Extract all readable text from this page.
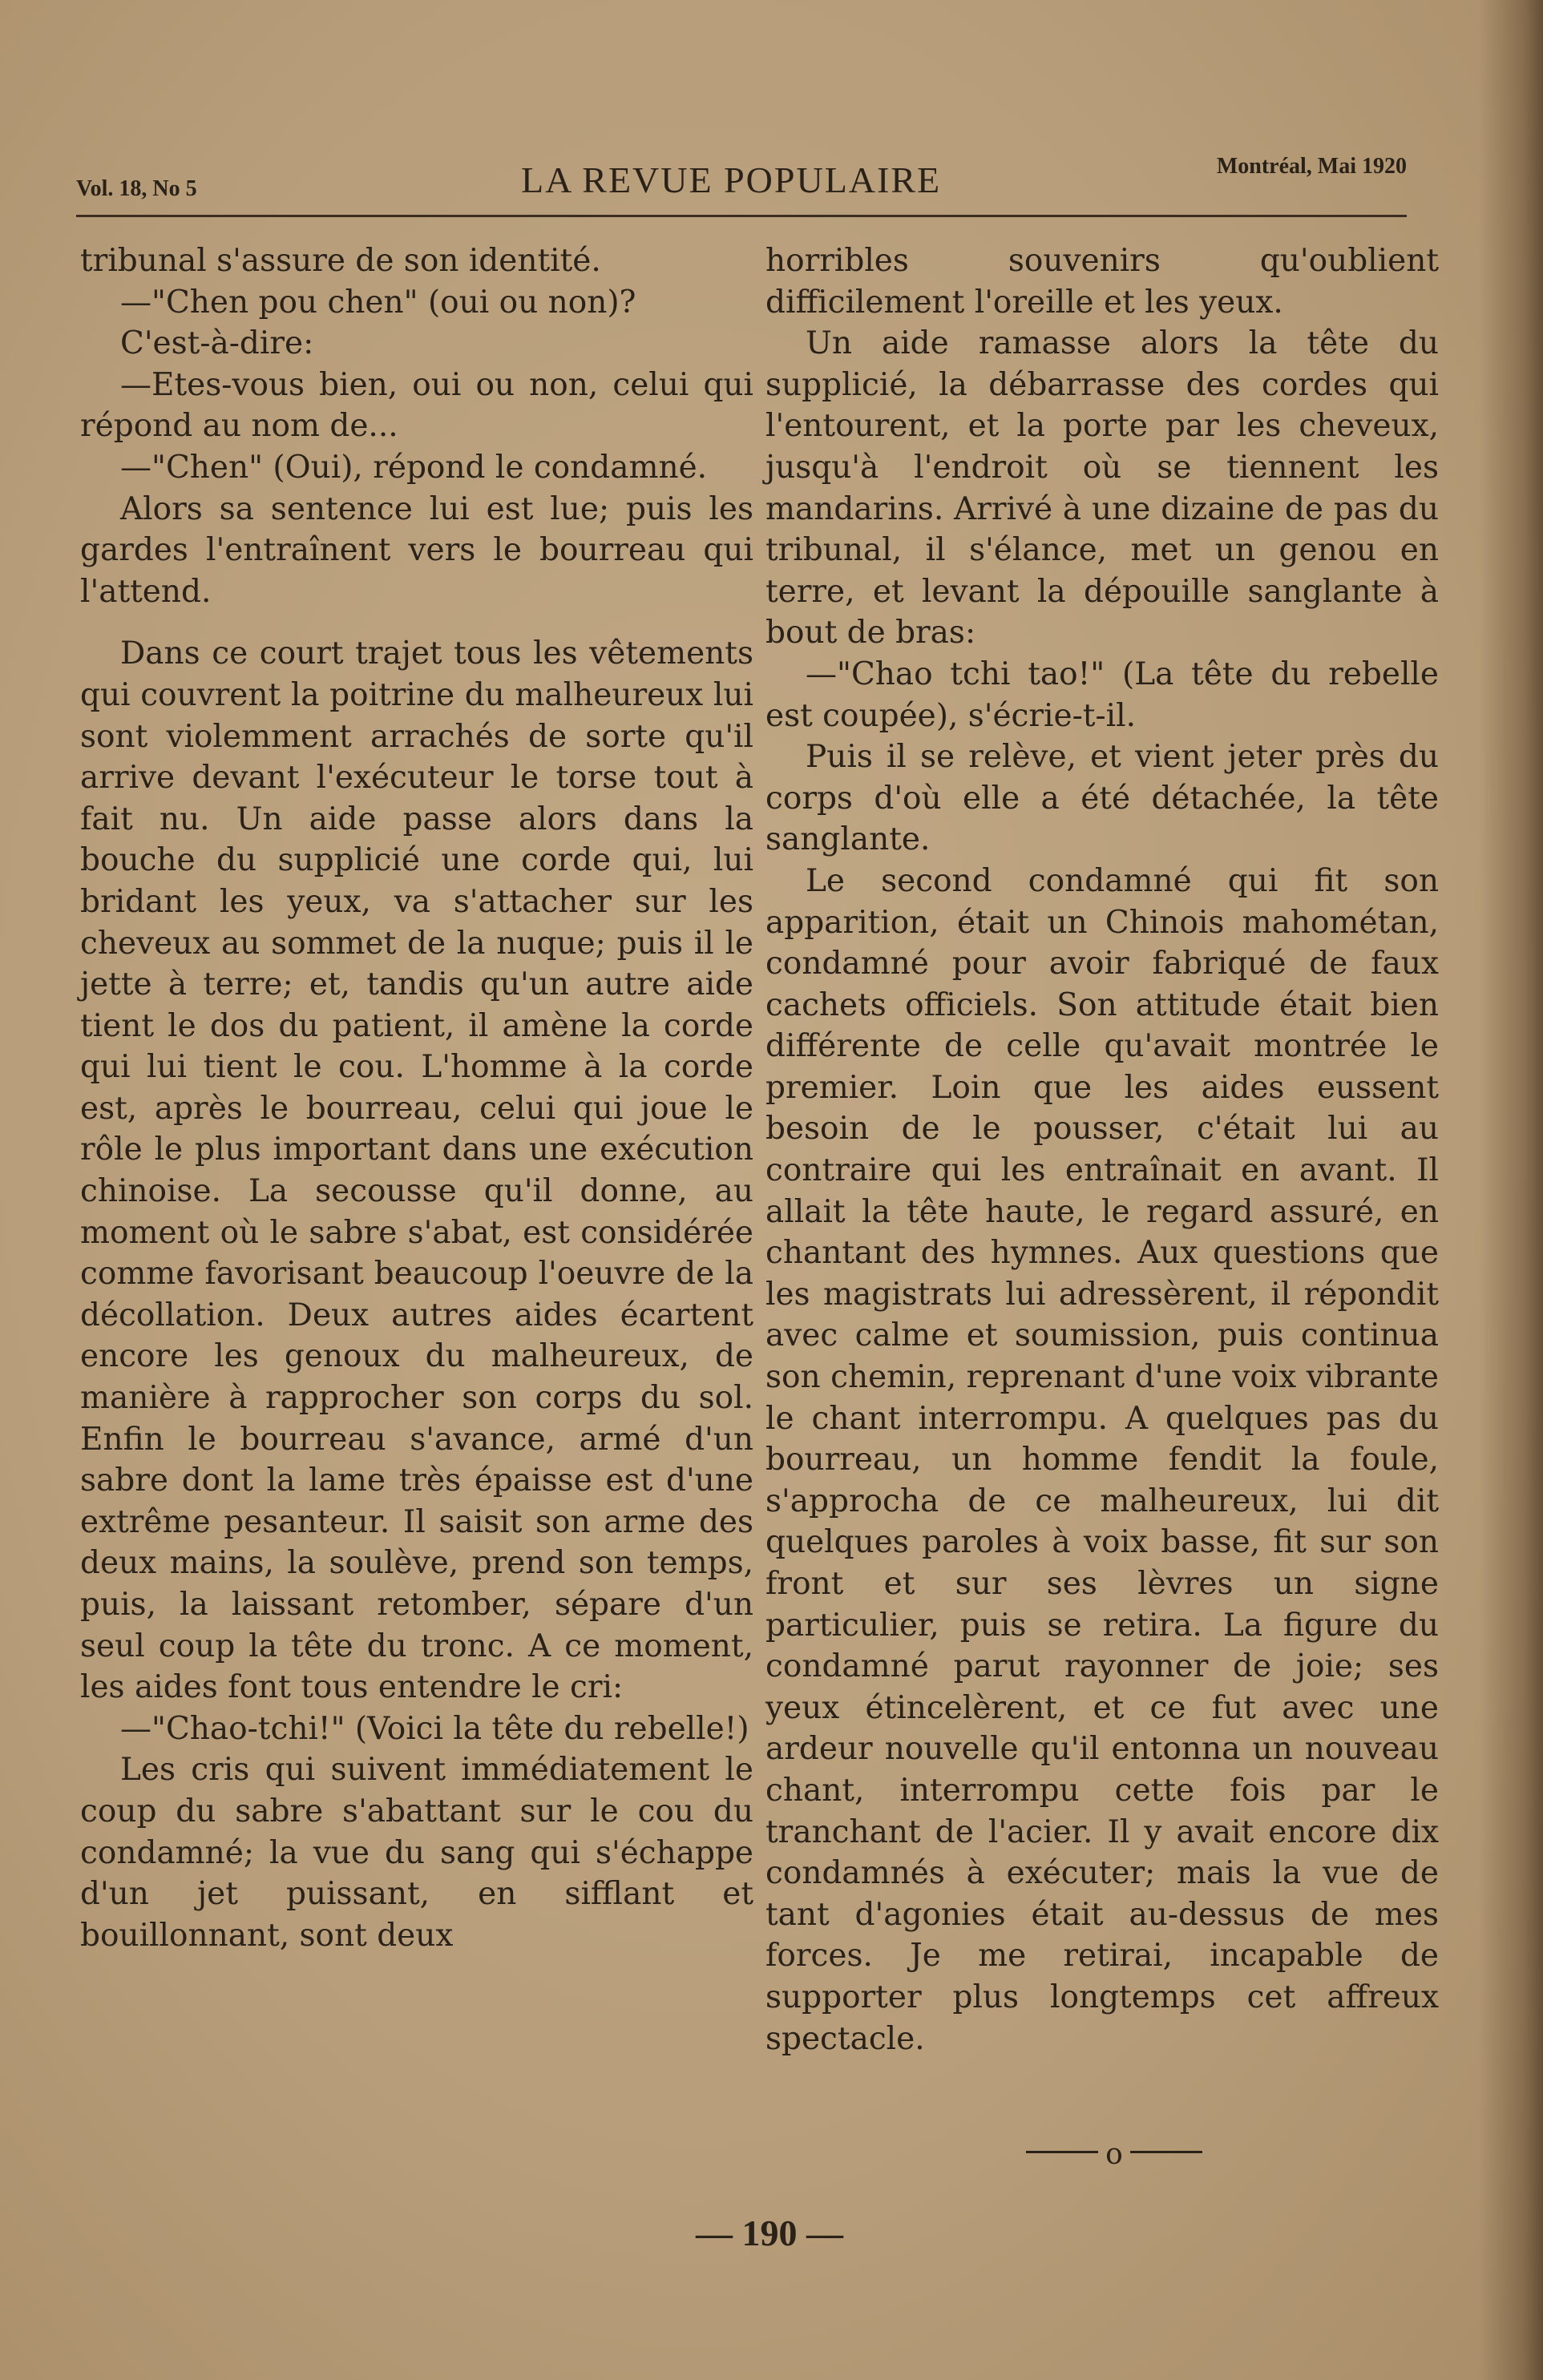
Vol. 18, No 5	LA REVUE POPULAIRE	Montréal, Mai 1920

tribunal s'assure de son identité.

—"Chen pou chen" (oui ou non)?

C'est-à-dire:

—Etes-vous bien, oui ou non, celui qui répond au nom de...

—"Chen" (Oui), répond le condamné.

Alors sa sentence lui est lue; puis les gardes l'entraînent vers le bourreau qui l'attend.

Dans ce court trajet tous les vêtements qui couvrent la poitrine du malheureux lui sont violemment arrachés de sorte qu'il arrive devant l'exécuteur le torse tout à fait nu. Un aide passe alors dans la bouche du supplicié une corde qui, lui bridant les yeux, va s'attacher sur les cheveux au sommet de la nuque; puis il le jette à terre; et, tandis qu'un autre aide tient le dos du patient, il amène la corde qui lui tient le cou. L'homme à la corde est, après le bourreau, celui qui joue le rôle le plus important dans une exécution chinoise. La secousse qu'il donne, au moment où le sabre s'abat, est considérée comme favorisant beaucoup l'oeuvre de la décollation. Deux autres aides écartent encore les genoux du malheureux, de manière à rapprocher son corps du sol. Enfin le bourreau s'avance, armé d'un sabre dont la lame très épaisse est d'une extrême pesanteur. Il saisit son arme des deux mains, la soulève, prend son temps, puis, la laissant retomber, sépare d'un seul coup la tête du tronc. A ce moment, les aides font tous entendre le cri:

—"Chao-tchi!" (Voici la tête du rebelle!)

Les cris qui suivent immédiatement le coup du sabre s'abattant sur le cou du condamné; la vue du sang qui s'échappe d'un jet puissant, en sifflant et bouillonnant, sont deux

horribles souvenirs qu'oublient difficilement l'oreille et les yeux.

Un aide ramasse alors la tête du supplicié, la débarrasse des cordes qui l'entourent, et la porte par les cheveux, jusqu'à l'endroit où se tiennent les mandarins. Arrivé à une dizaine de pas du tribunal, il s'élance, met un genou en terre, et levant la dépouille sanglante à bout de bras:

—"Chao tchi tao!" (La tête du rebelle est coupée), s'écrie-t-il.

Puis il se relève, et vient jeter près du corps d'où elle a été détachée, la tête sanglante.

Le second condamné qui fit son apparition, était un Chinois mahométan, condamné pour avoir fabriqué de faux cachets officiels. Son attitude était bien différente de celle qu'avait montrée le premier. Loin que les aides eussent besoin de le pousser, c'était lui au contraire qui les entraînait en avant. Il allait la tête haute, le regard assuré, en chantant des hymnes. Aux questions que les magistrats lui adressèrent, il répondit avec calme et soumission, puis continua son chemin, reprenant d'une voix vibrante le chant interrompu. A quelques pas du bourreau, un homme fendit la foule, s'approcha de ce malheureux, lui dit quelques paroles à voix basse, fit sur son front et sur ses lèvres un signe particulier, puis se retira. La figure du condamné parut rayonner de joie; ses yeux étincelèrent, et ce fut avec une ardeur nouvelle qu'il entonna un nouveau chant, interrompu cette fois par le tranchant de l'acier. Il y avait encore dix condamnés à exécuter; mais la vue de tant d'agonies était au-dessus de mes forces. Je me retirai, incapable de supporter plus longtemps cet affreux spectacle.

o
— 190 —
